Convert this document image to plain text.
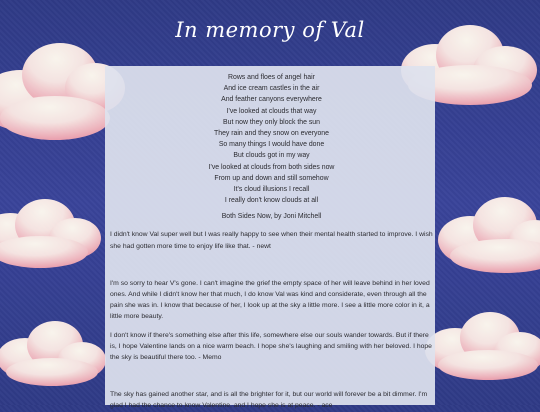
In memory of Val
Rows and floes of angel hair
And ice cream castles in the air
And feather canyons everywhere
I've looked at clouds that way
But now they only block the sun
They rain and they snow on everyone
So many things I would have done
But clouds got in my way
I've looked at clouds from both sides now
From up and down and still somehow
It's cloud illusions I recall
I really don't know clouds at all
Both Sides Now, by Joni Mitchell

I didn't know Val super well but I was really happy to see when their mental health started to improve. I wish she had gotten more time to enjoy life like that. - newt

I'm so sorry to hear V's gone. I can't imagine the grief the empty space of her will leave behind in her loved ones. And while I didn't know her that much, I do know Val was kind and considerate, even through all the pain she was in. I know that because of her, I look up at the sky a little more. I see a little more color in it, a little more beauty.

I don't know if there's something else after this life, somewhere else our souls wander towards. But if there is, I hope Valentine lands on a nice warm beach. I hope she's laughing and smiling with her beloved. I hope the sky is beautiful there too. - Memo

The sky has gained another star, and is all the brighter for it, but our world will forever be a bit dimmer. I'm glad I had the chance to know Valentine, and I hope she is at peace. - ace
